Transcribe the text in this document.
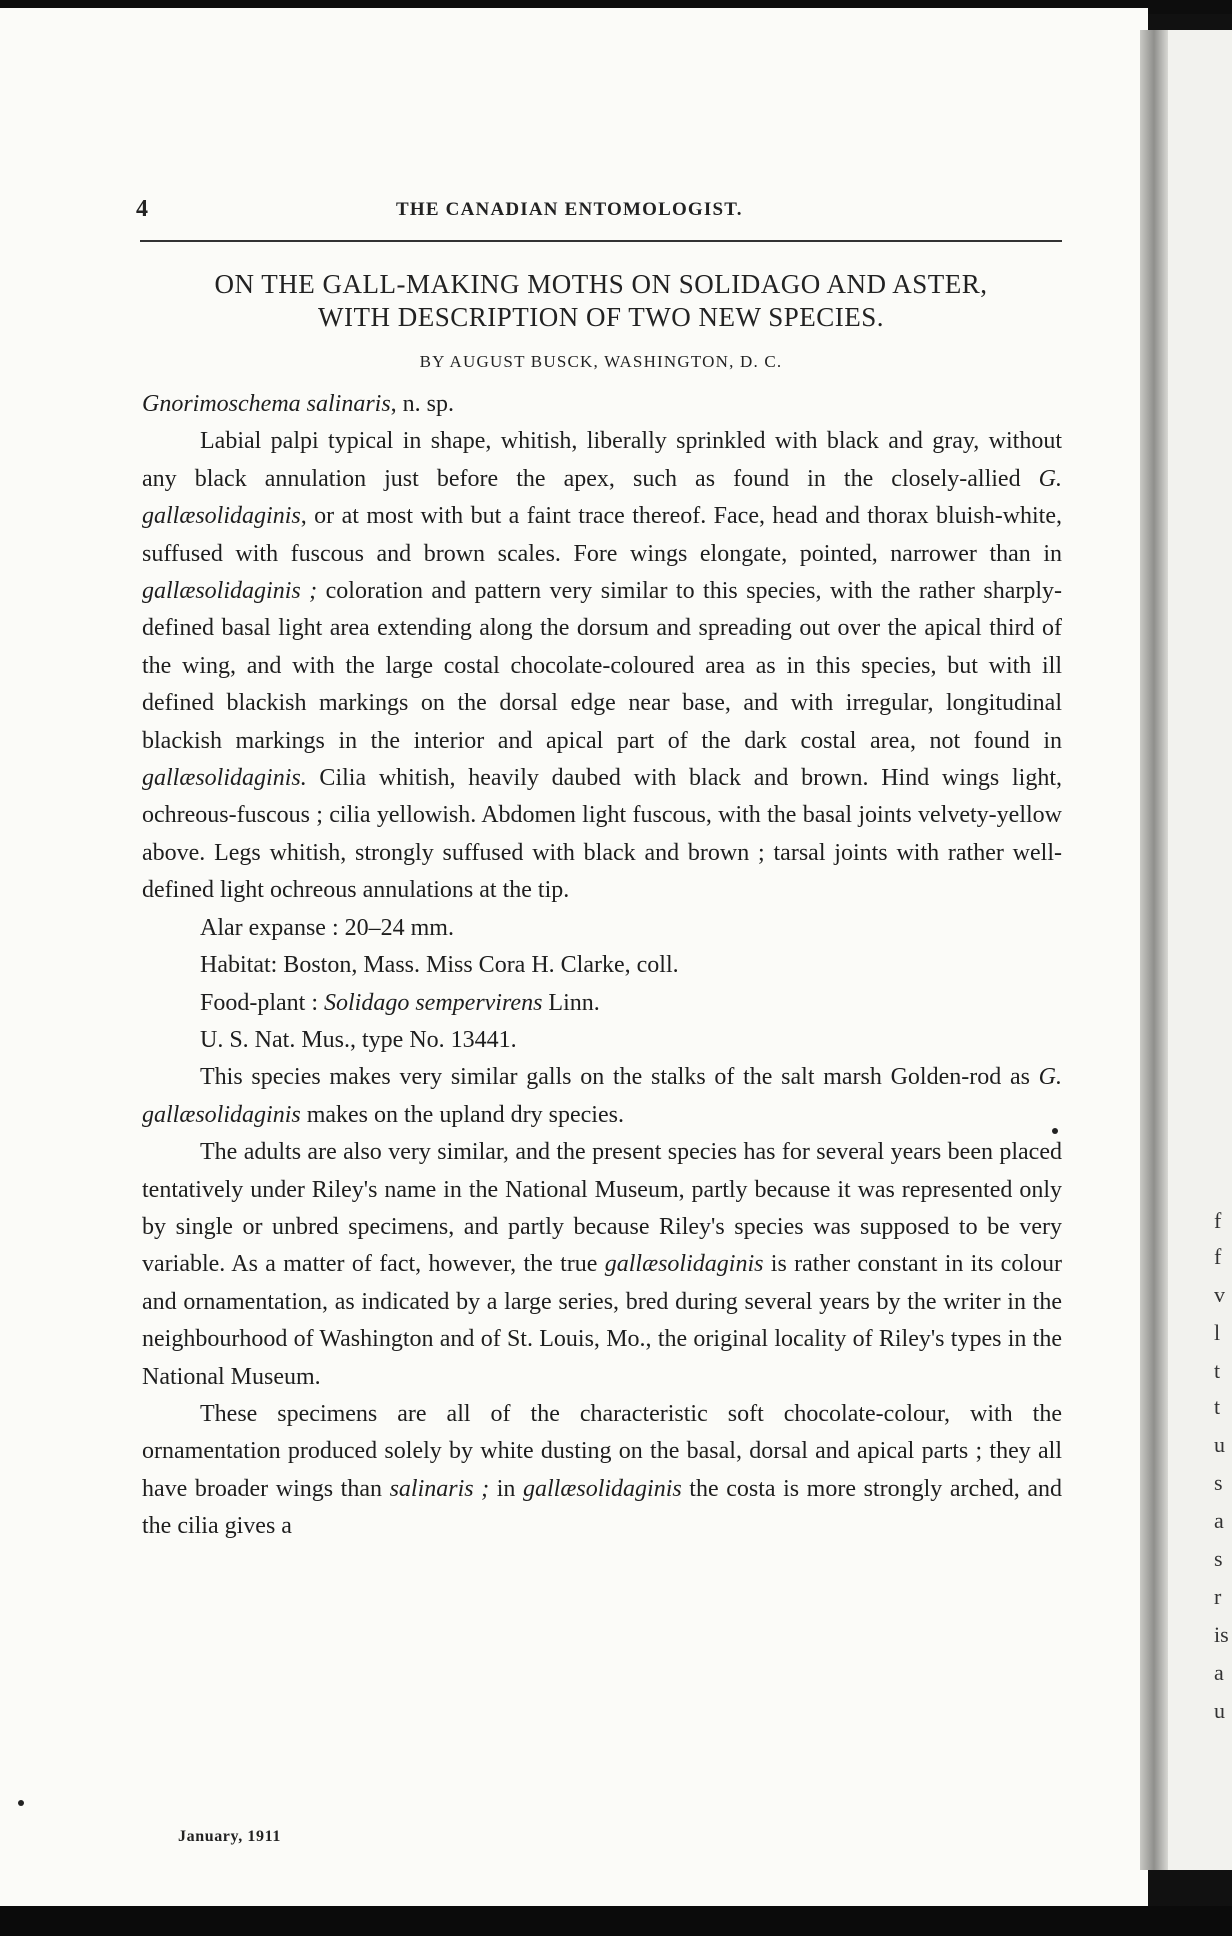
4	THE CANADIAN ENTOMOLOGIST.
ON THE GALL-MAKING MOTHS ON SOLIDAGO AND ASTER,
WITH DESCRIPTION OF TWO NEW SPECIES.
BY AUGUST BUSCK, WASHINGTON, D. C.

Gnorimoschema salinaris, n. sp.

Labial palpi typical in shape, whitish, liberally sprinkled with black and gray, without any black annulation just before the apex, such as found in the closely-allied G. gallæsolidaginis, or at most with but a faint trace thereof. Face, head and thorax bluish-white, suffused with fuscous and brown scales. Fore wings elongate, pointed, narrower than in gallæsolidaginis ; coloration and pattern very similar to this species, with the rather sharply-defined basal light area extending along the dorsum and spreading out over the apical third of the wing, and with the large costal chocolate-coloured area as in this species, but with ill defined blackish markings on the dorsal edge near base, and with irregular, longitudinal blackish markings in the interior and apical part of the dark costal area, not found in gallæsolidaginis. Cilia whitish, heavily daubed with black and brown. Hind wings light, ochreous-fuscous ; cilia yellowish. Abdomen light fuscous, with the basal joints velvety-yellow above. Legs whitish, strongly suffused with black and brown ; tarsal joints with rather well-defined light ochreous annulations at the tip.

Alar expanse : 20–24 mm.

Habitat: Boston, Mass. Miss Cora H. Clarke, coll.

Food-plant : Solidago sempervirens Linn.

U. S. Nat. Mus., type No. 13441.

This species makes very similar galls on the stalks of the salt marsh Golden-rod as G. gallæsolidaginis makes on the upland dry species.

The adults are also very similar, and the present species has for several years been placed tentatively under Riley's name in the National Museum, partly because it was represented only by single or unbred specimens, and partly because Riley's species was supposed to be very variable. As a matter of fact, however, the true gallæsolidaginis is rather constant in its colour and ornamentation, as indicated by a large series, bred during several years by the writer in the neighbourhood of Washington and of St. Louis, Mo., the original locality of Riley's types in the National Museum.

These specimens are all of the characteristic soft chocolate-colour, with the ornamentation produced solely by white dusting on the basal, dorsal and apical parts ; they all have broader wings than salinaris ; in gallæsolidaginis the costa is more strongly arched, and the cilia gives a

January, 1911
f
f
v
l
t
t
u
s
a
s
r
is
a
u
